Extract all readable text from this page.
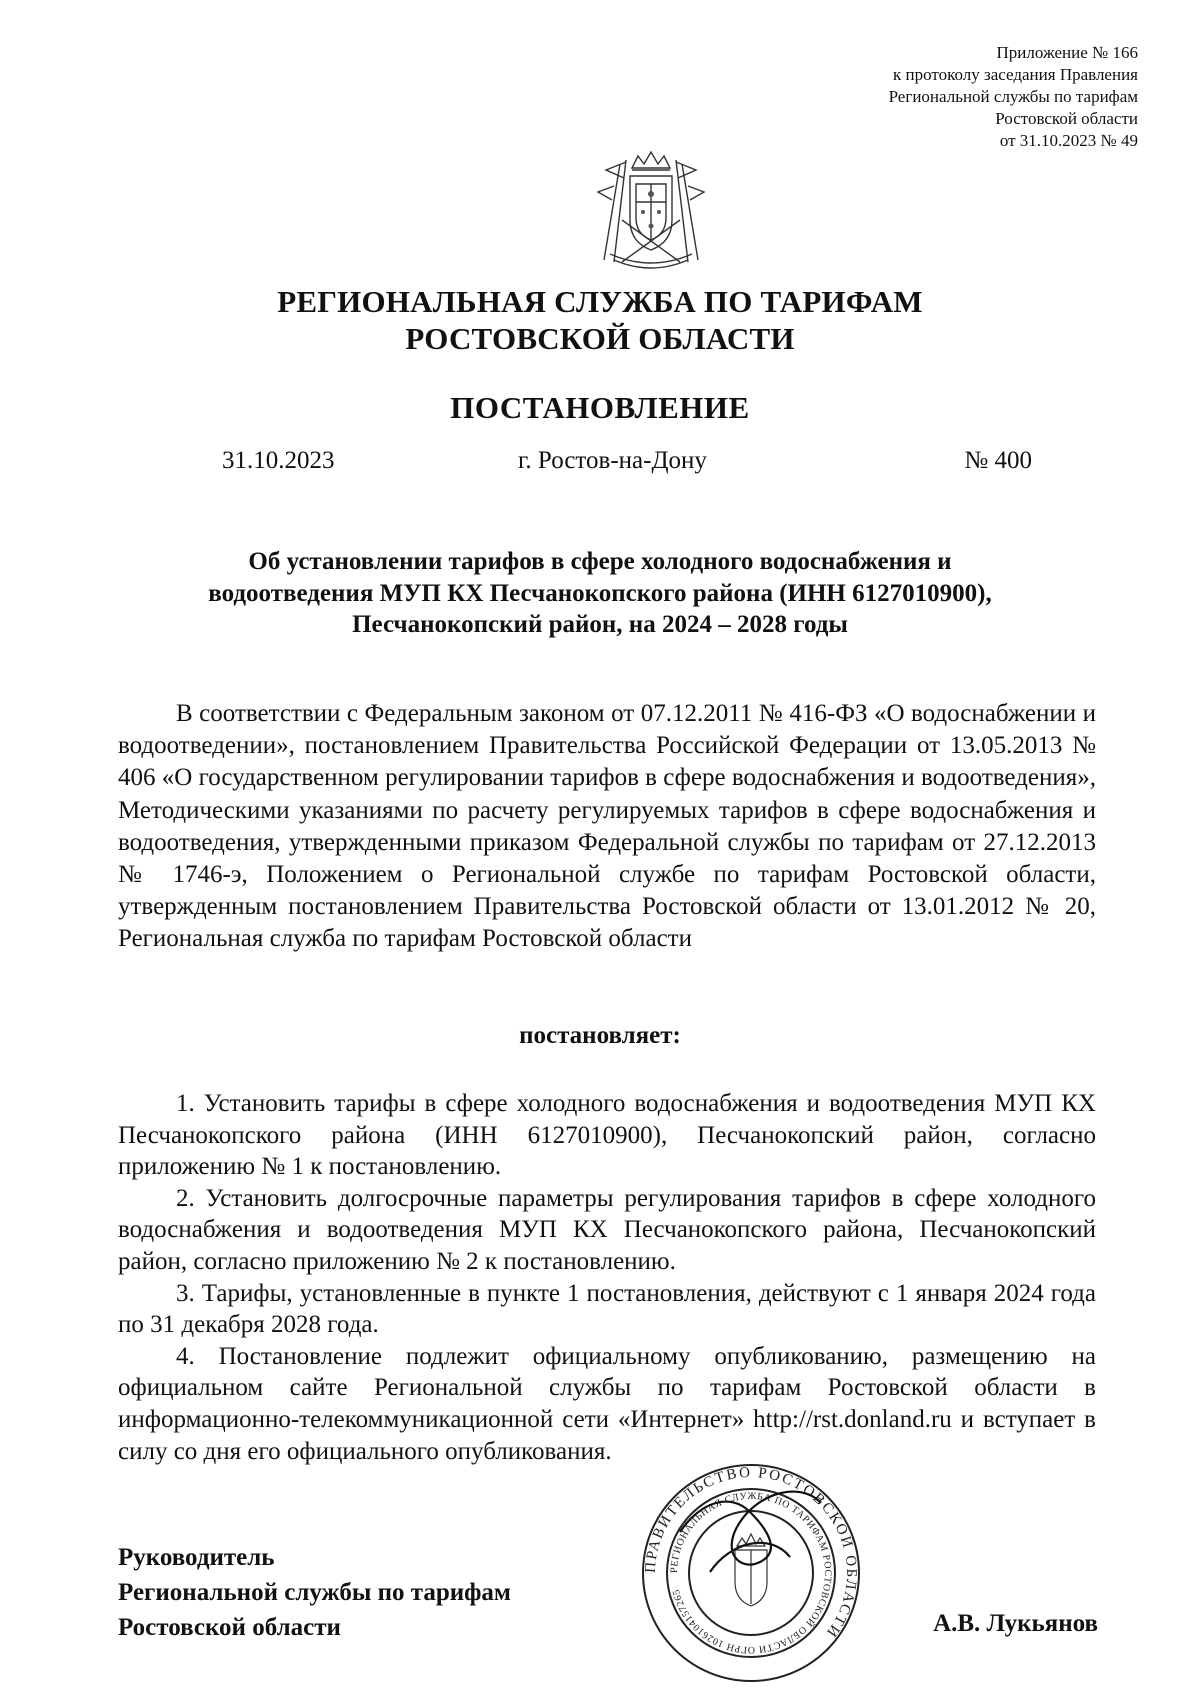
Приложение № 166
к протоколу заседания Правления
Региональной службы по тарифам
Ростовской области
от 31.10.2023 № 49
РЕГИОНАЛЬНАЯ СЛУЖБА ПО ТАРИФАМ
РОСТОВСКОЙ ОБЛАСТИ
ПОСТАНОВЛЕНИЕ
31.10.2023	г. Ростов-на-Дону	№ 400
Об установлении тарифов в сфере холодного водоснабжения и
водоотведения МУП КХ Песчанокопского района (ИНН 6127010900),
Песчанокопский район, на 2024 – 2028 годы
В соответствии с Федеральным законом от 07.12.2011 № 416-ФЗ «О водоснабжении и водоотведении», постановлением Правительства Российской Федерации от 13.05.2013 № 406 «О государственном регулировании тарифов в сфере водоснабжения и водоотведения», Методическими указаниями по расчету регулируемых тарифов в сфере водоснабжения и водоотведения, утвержденными приказом Федеральной службы по тарифам от 27.12.2013 № 1746-э, Положением о Региональной службе по тарифам Ростовской области, утвержденным постановлением Правительства Ростовской области от 13.01.2012 № 20, Региональная служба по тарифам Ростовской области
постановляет:

1. Установить тарифы в сфере холодного водоснабжения и водоотведения МУП КХ Песчанокопского района (ИНН 6127010900), Песчанокопский район, согласно приложению № 1 к постановлению.

2. Установить долгосрочные параметры регулирования тарифов в сфере холодного водоснабжения и водоотведения МУП КХ Песчанокопского района, Песчанокопский район, согласно приложению № 2 к постановлению.

3. Тарифы, установленные в пункте 1 постановления, действуют с 1 января 2024 года по 31 декабря 2028 года.

4. Постановление подлежит официальному опубликованию, размещению на официальном сайте Региональной службы по тарифам Ростовской области в информационно-телекоммуникационной сети «Интернет» http://rst.donland.ru и вступает в силу со дня его официального опубликования.

Руководитель
Региональной службы по тарифам
Ростовской области
ПРАВИТЕЛЬСТВО РОСТОВСКОЙ ОБЛАСТИ
РЕГИОНАЛЬНАЯ СЛУЖБА ПО ТАРИФАМ РОСТОВСКОЙ ОБЛАСТИ ОГРН 1026104157265
А.В. Лукьянов
